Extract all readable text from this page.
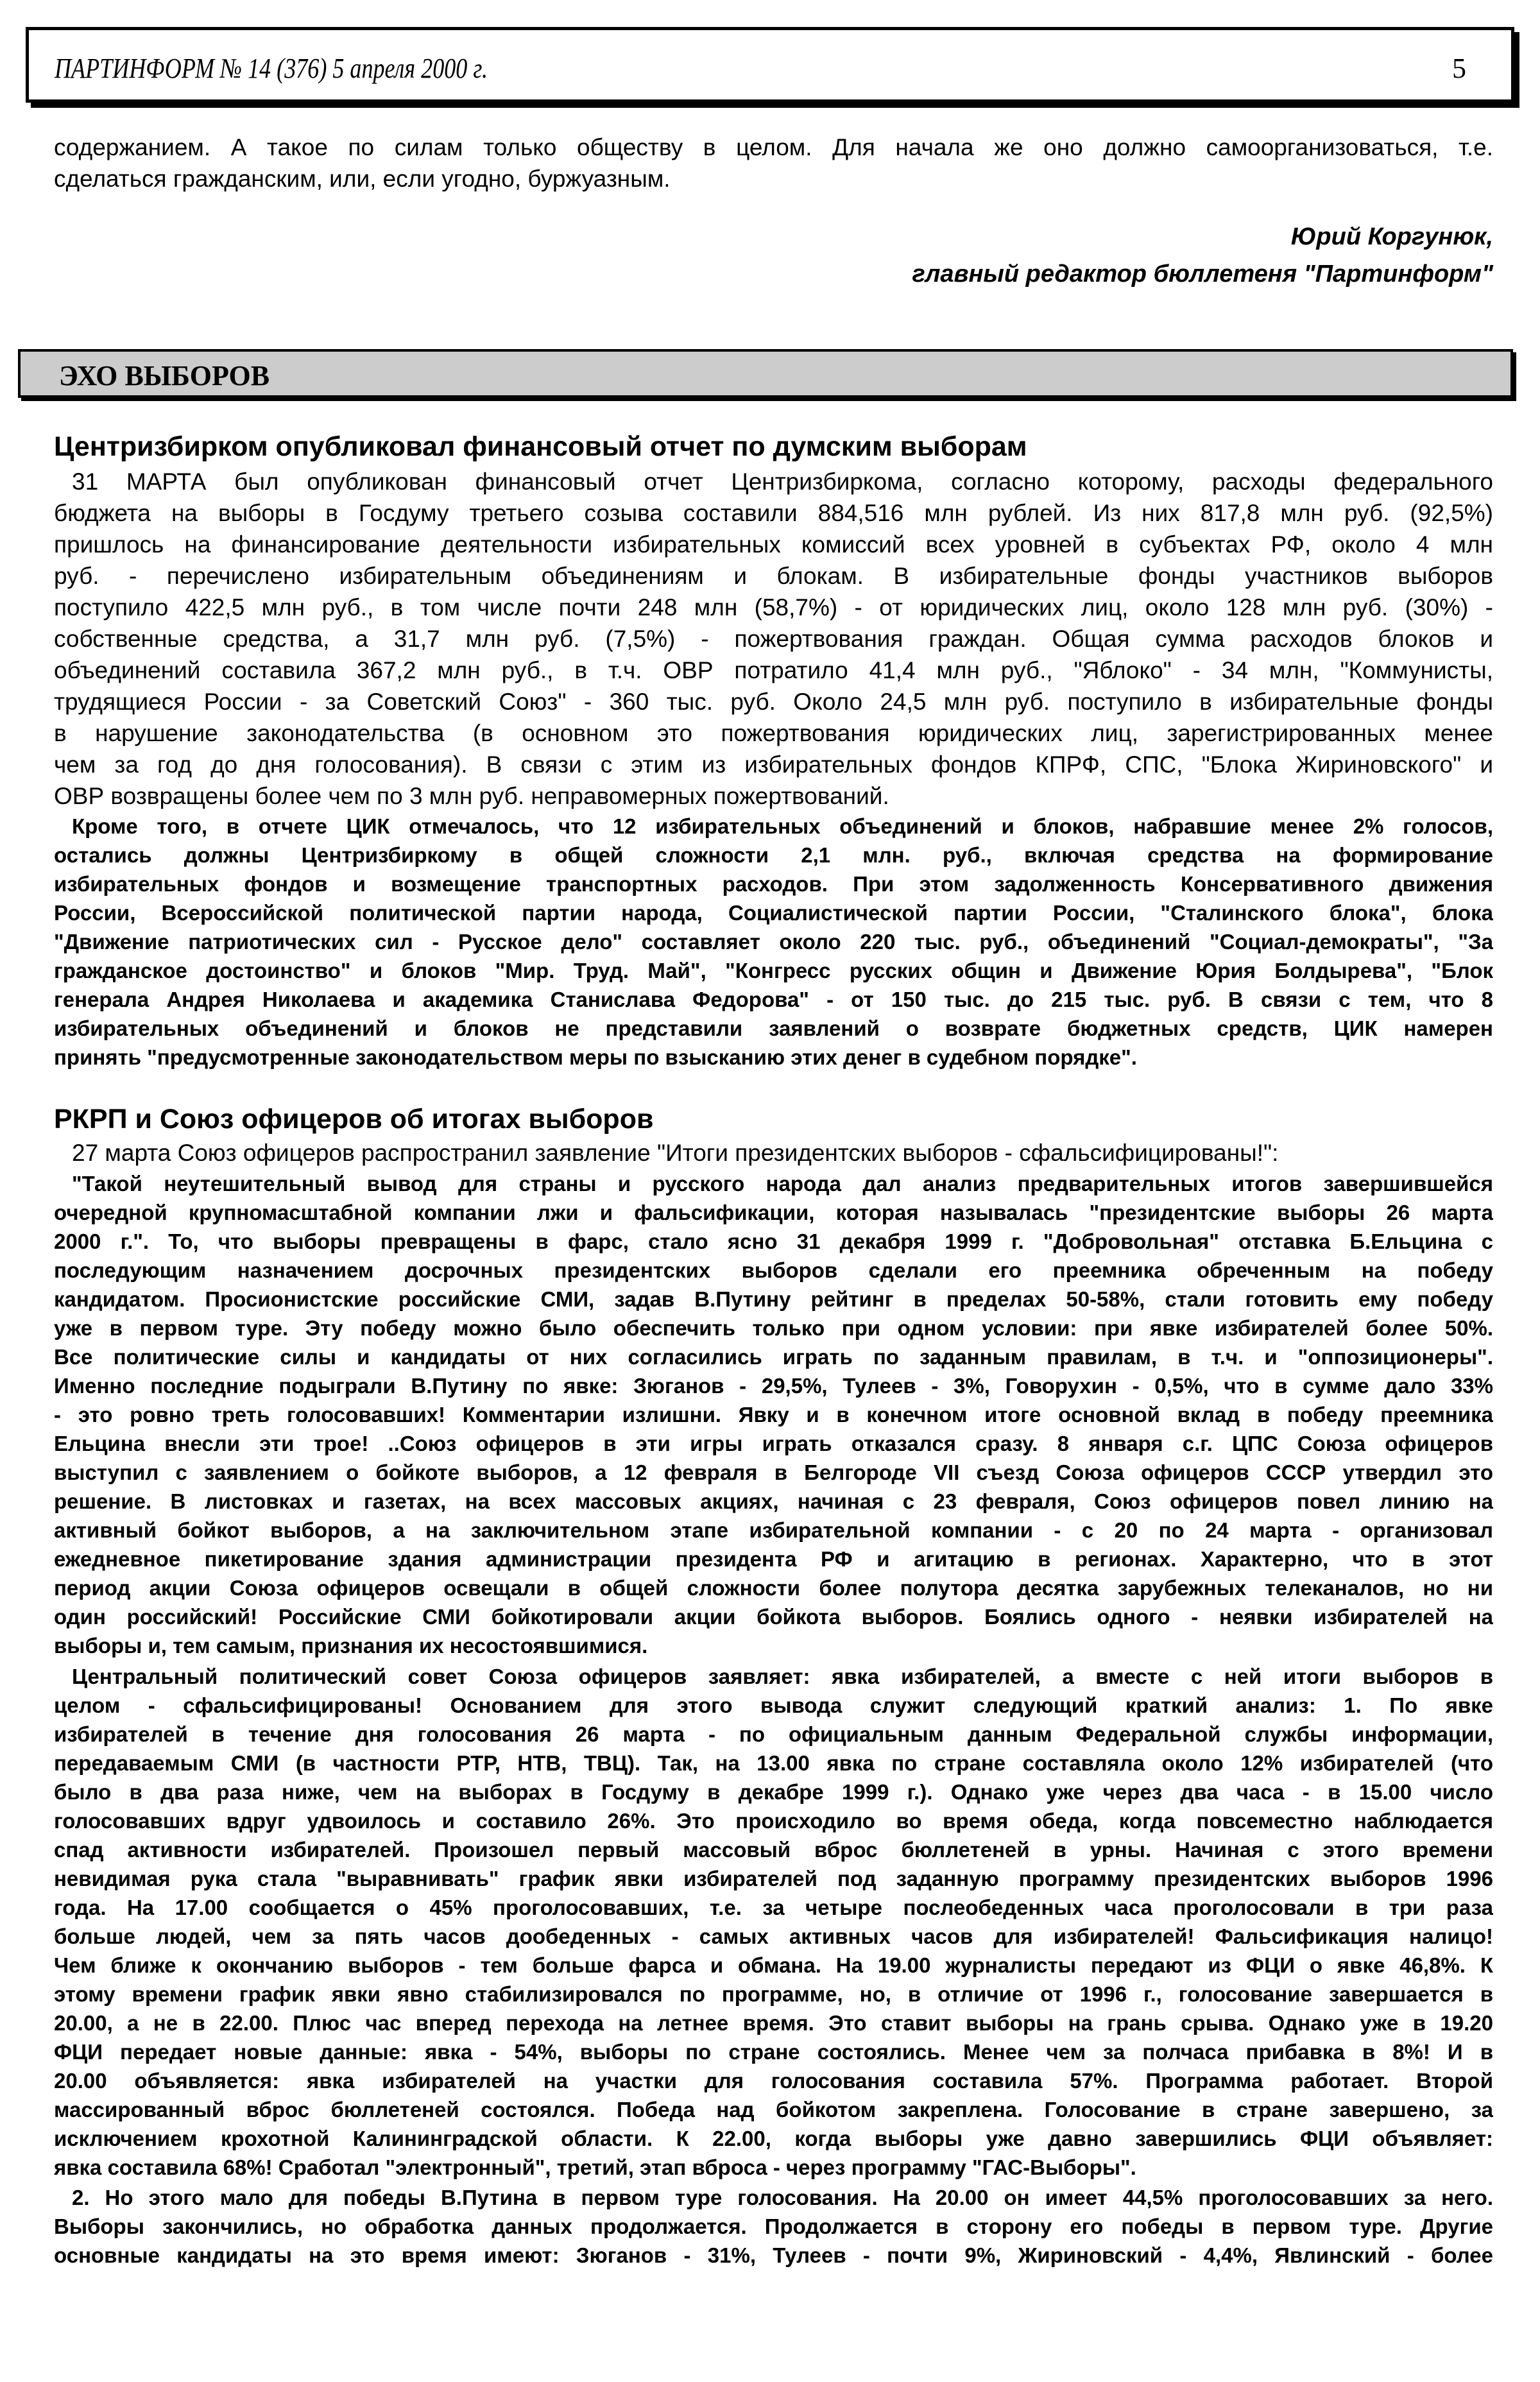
ПАРТИНФОРМ № 14 (376) 5 апреля 2000 г.	5
содержанием. А такое по силам только обществу в целом. Для начала же оно должно самоорганизоваться, т.е.
сделаться гражданским, или, если угодно, буржуазным.
Юрий Коргунюк,
главный редактор бюллетеня "Партинформ"
ЭХО ВЫБОРОВ
Центризбирком опубликовал финансовый отчет по думским выборам
31 МАРТА был опубликован финансовый отчет Центризбиркома, согласно которому, расходы федерального
бюджета на выборы в Госдуму третьего созыва составили 884,516 млн рублей. Из них 817,8 млн руб. (92,5%)
пришлось на финансирование деятельности избирательных комиссий всех уровней в субъектах РФ, около 4 млн
руб. - перечислено избирательным объединениям и блокам. В избирательные фонды участников выборов
поступило 422,5 млн руб., в том числе почти 248 млн (58,7%) - от юридических лиц, около 128 млн руб. (30%) -
собственные средства, а 31,7 млн руб. (7,5%) - пожертвования граждан. Общая сумма расходов блоков и
объединений составила 367,2 млн руб., в т.ч. ОВР потратило 41,4 млн руб., "Яблоко" - 34 млн, "Коммунисты,
трудящиеся России - за Советский Союз" - 360 тыс. руб. Около 24,5 млн руб. поступило в избирательные фонды
в нарушение законодательства (в основном это пожертвования юридических лиц, зарегистрированных менее
чем за год до дня голосования). В связи с этим из избирательных фондов КПРФ, СПС, "Блока Жириновского" и
ОВР возвращены более чем по 3 млн руб. неправомерных пожертвований.
Кроме того, в отчете ЦИК отмечалось, что 12 избирательных объединений и блоков, набравшие менее 2% голосов,
остались должны Центризбиркому в общей сложности 2,1 млн. руб., включая средства на формирование
избирательных фондов и возмещение транспортных расходов. При этом задолженность Консервативного движения
России, Всероссийской политической партии народа, Социалистической партии России, "Сталинского блока", блока
"Движение патриотических сил - Русское дело" составляет около 220 тыс. руб., объединений "Социал-демократы", "За
гражданское достоинство" и блоков "Мир. Труд. Май", "Конгресс русских общин и Движение Юрия Болдырева", "Блок
генерала Андрея Николаева и академика Станислава Федорова" - от 150 тыс. до 215 тыс. руб. В связи с тем, что 8
избирательных объединений и блоков не представили заявлений о возврате бюджетных средств, ЦИК намерен
принять "предусмотренные законодательством меры по взысканию этих денег в судебном порядке".
РКРП и Союз офицеров об итогах выборов
27 марта Союз офицеров распространил заявление "Итоги президентских выборов - сфальсифицированы!":
"Такой неутешительный вывод для страны и русского народа дал анализ предварительных итогов завершившейся
очередной крупномасштабной компании лжи и фальсификации, которая называлась "президентские выборы 26 марта
2000 г.". То, что выборы превращены в фарс, стало ясно 31 декабря 1999 г. "Добровольная" отставка Б.Ельцина с
последующим назначением досрочных президентских выборов сделали его преемника обреченным на победу
кандидатом. Просионистские российские СМИ, задав В.Путину рейтинг в пределах 50-58%, стали готовить ему победу
уже в первом туре. Эту победу можно было обеспечить только при одном условии: при явке избирателей более 50%.
Все политические силы и кандидаты от них согласились играть по заданным правилам, в т.ч. и "оппозиционеры".
Именно последние подыграли В.Путину по явке: Зюганов - 29,5%, Тулеев - 3%, Говорухин - 0,5%, что в сумме дало 33%
- это ровно треть голосовавших! Комментарии излишни. Явку и в конечном итоге основной вклад в победу преемника
Ельцина внесли эти трое! ..Союз офицеров в эти игры играть отказался сразу. 8 января с.г. ЦПС Союза офицеров
выступил с заявлением о бойкоте выборов, а 12 февраля в Белгороде VII съезд Союза офицеров СССР утвердил это
решение. В листовках и газетах, на всех массовых акциях, начиная с 23 февраля, Союз офицеров повел линию на
активный бойкот выборов, а на заключительном этапе избирательной компании - с 20 по 24 марта - организовал
ежедневное пикетирование здания администрации президента РФ и агитацию в регионах. Характерно, что в этот
период акции Союза офицеров освещали в общей сложности более полутора десятка зарубежных телеканалов, но ни
один российский! Российские СМИ бойкотировали акции бойкота выборов. Боялись одного - неявки избирателей на
выборы и, тем самым, признания их несостоявшимися.
Центральный политический совет Союза офицеров заявляет: явка избирателей, а вместе с ней итоги выборов в
целом - сфальсифицированы! Основанием для этого вывода служит следующий краткий анализ: 1. По явке
избирателей в течение дня голосования 26 марта - по официальным данным Федеральной службы информации,
передаваемым СМИ (в частности РТР, НТВ, ТВЦ). Так, на 13.00 явка по стране составляла около 12% избирателей (что
было в два раза ниже, чем на выборах в Госдуму в декабре 1999 г.). Однако уже через два часа - в 15.00 число
голосовавших вдруг удвоилось и составило 26%. Это происходило во время обеда, когда повсеместно наблюдается
спад активности избирателей. Произошел первый массовый вброс бюллетеней в урны. Начиная с этого времени
невидимая рука стала "выравнивать" график явки избирателей под заданную программу президентских выборов 1996
года. На 17.00 сообщается о 45% проголосовавших, т.е. за четыре послеобеденных часа проголосовали в три раза
больше людей, чем за пять часов дообеденных - самых активных часов для избирателей! Фальсификация налицо!
Чем ближе к окончанию выборов - тем больше фарса и обмана. На 19.00 журналисты передают из ФЦИ о явке 46,8%. К
этому времени график явки явно стабилизировался по программе, но, в отличие от 1996 г., голосование завершается в
20.00, а не в 22.00. Плюс час вперед перехода на летнее время. Это ставит выборы на грань срыва. Однако уже в 19.20
ФЦИ передает новые данные: явка - 54%, выборы по стране состоялись. Менее чем за полчаса прибавка в 8%! И в
20.00 объявляется: явка избирателей на участки для голосования составила 57%. Программа работает. Второй
массированный вброс бюллетеней состоялся. Победа над бойкотом закреплена. Голосование в стране завершено, за
исключением крохотной Калининградской области. К 22.00, когда выборы уже давно завершились ФЦИ объявляет:
явка составила 68%! Сработал "электронный", третий, этап вброса - через программу "ГАС-Выборы".
2. Но этого мало для победы В.Путина в первом туре голосования. На 20.00 он имеет 44,5% проголосовавших за него.
Выборы закончились, но обработка данных продолжается. Продолжается в сторону его победы в первом туре. Другие
основные кандидаты на это время имеют: Зюганов - 31%, Тулеев - почти 9%, Жириновский - 4,4%, Явлинский - более
